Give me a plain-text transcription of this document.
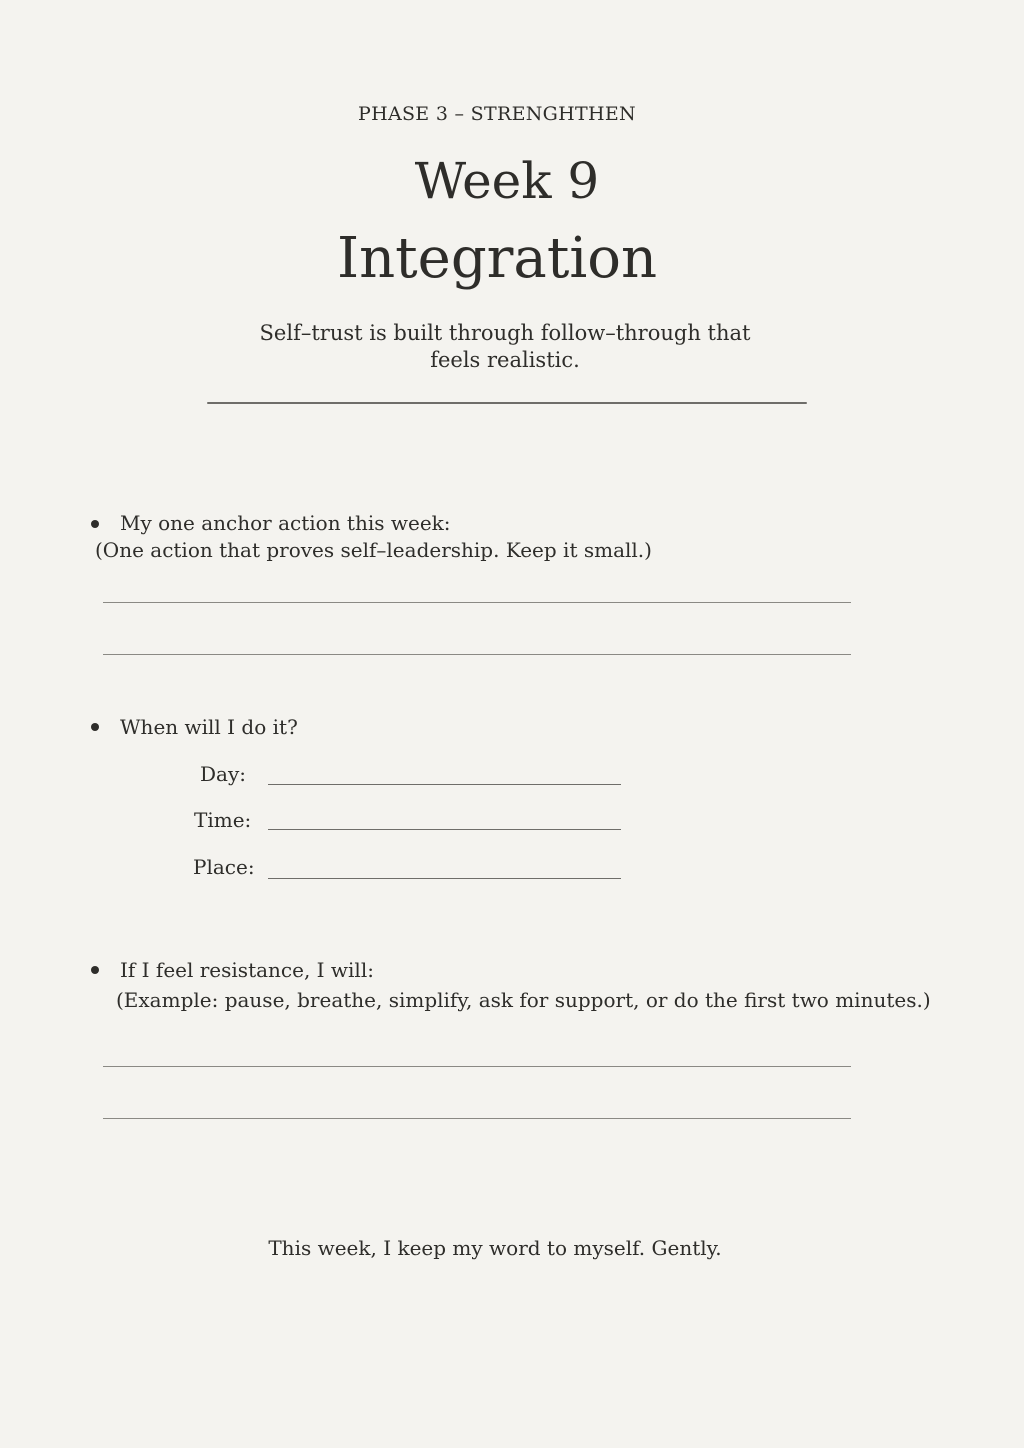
PHASE 3 – STRENGHTHEN
Week 9
Integration
Self–trust is built through follow–through that feels realistic.
My one anchor action this week:
(One action that proves self–leadership. Keep it small.)
When will I do it?
Day:
Time:
Place:
If I feel resistance, I will:
(Example: pause, breathe, simplify, ask for support, or do the first two minutes.)
This week, I keep my word to myself. Gently.
